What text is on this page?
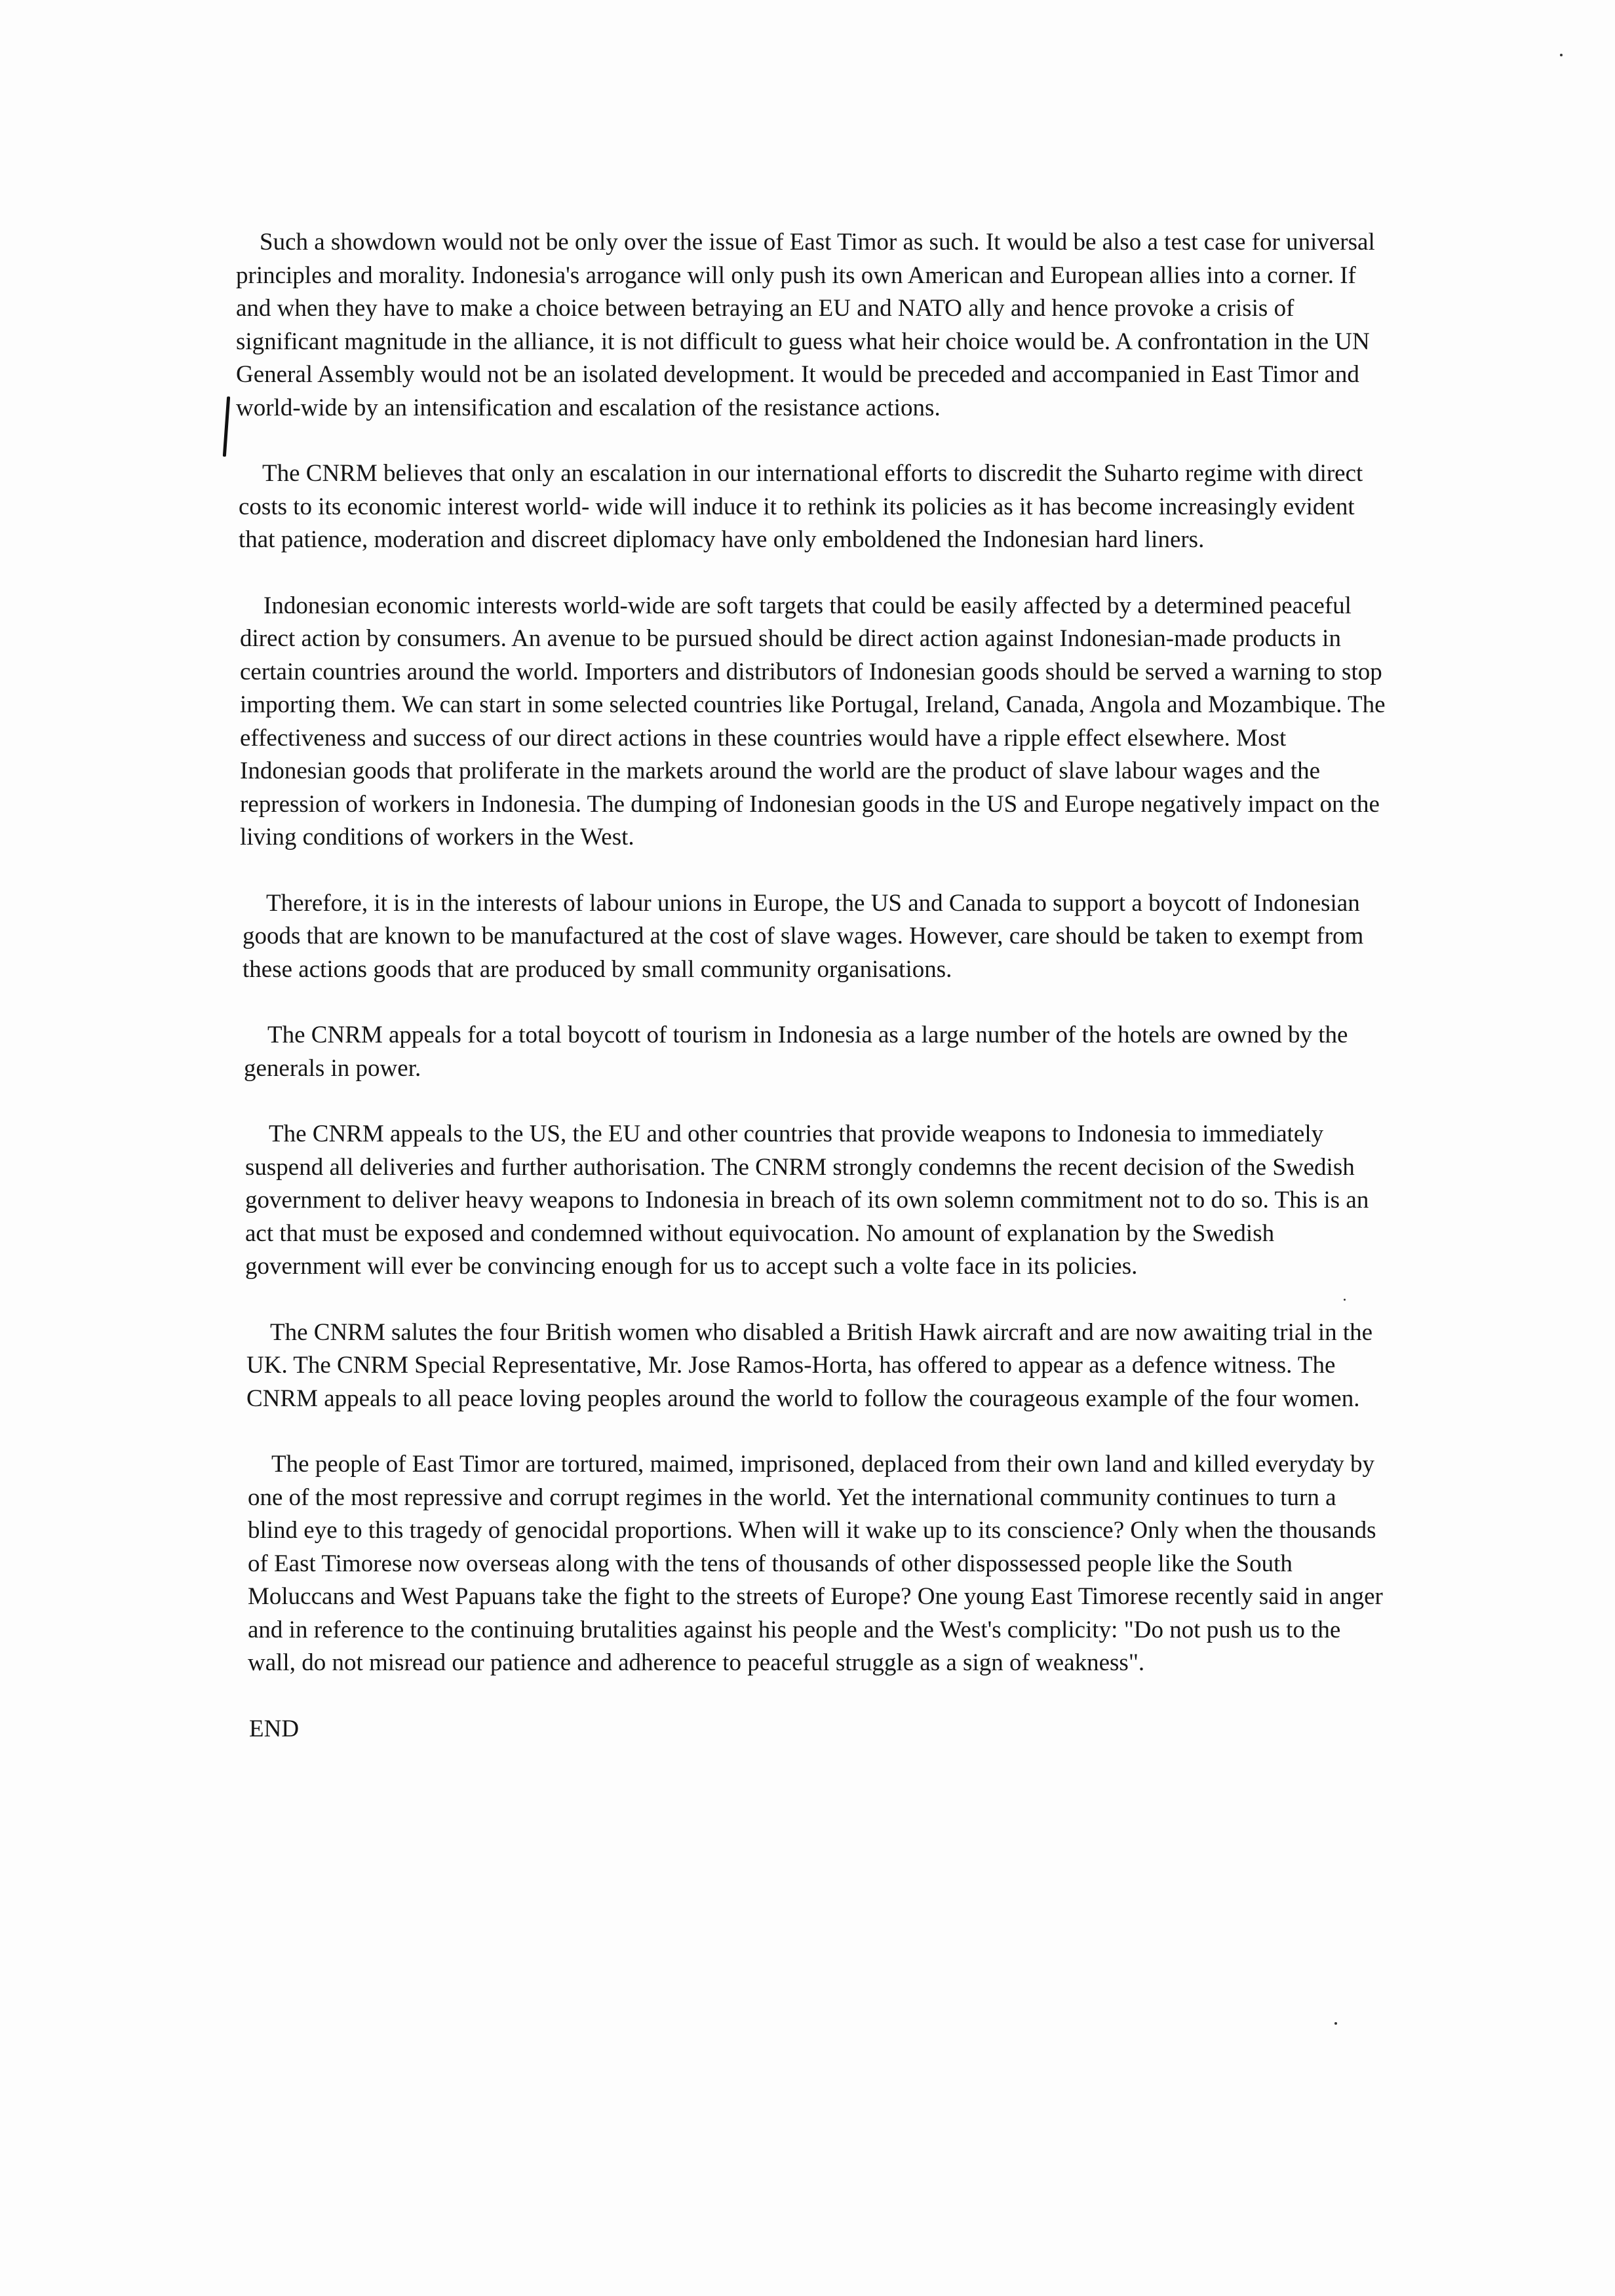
Such a showdown would not be only over the issue of East Timor as such. It would be also a test case for universal principles and morality. Indonesia's arrogance will only push its own American and European allies into a corner. If and when they have to make a choice between betraying an EU and NATO ally and hence provoke a crisis of significant magnitude in the alliance, it is not difficult to guess what heir choice would be. A confrontation in the UN General Assembly would not be an isolated development. It would be preceded and accompanied in East Timor and world-wide by an intensification and escalation of the resistance actions.

The CNRM believes that only an escalation in our international efforts to discredit the Suharto regime with direct costs to its economic interest world- wide will induce it to rethink its policies as it has become increasingly evident that patience, moderation and discreet diplomacy have only emboldened the Indonesian hard liners.

Indonesian economic interests world-wide are soft targets that could be easily affected by a determined peaceful direct action by consumers. An avenue to be pursued should be direct action against Indonesian-made products in certain countries around the world. Importers and distributors of Indonesian goods should be served a warning to stop importing them. We can start in some selected countries like Portugal, Ireland, Canada, Angola and Mozambique. The effectiveness and success of our direct actions in these countries would have a ripple effect elsewhere. Most Indonesian goods that proliferate in the markets around the world are the product of slave labour wages and the repression of workers in Indonesia. The dumping of Indonesian goods in the US and Europe negatively impact on the living conditions of workers in the West.

Therefore, it is in the interests of labour unions in Europe, the US and Canada to support a boycott of Indonesian goods that are known to be manufactured at the cost of slave wages. However, care should be taken to exempt from these actions goods that are produced by small community organisations.

The CNRM appeals for a total boycott of tourism in Indonesia as a large number of the hotels are owned by the generals in power.

The CNRM appeals to the US, the EU and other countries that provide weapons to Indonesia to immediately suspend all deliveries and further authorisation. The CNRM strongly condemns the recent decision of the Swedish government to deliver heavy weapons to Indonesia in breach of its own solemn commitment not to do so. This is an act that must be exposed and condemned without equivocation. No amount of explanation by the Swedish government will ever be convincing enough for us to accept such a volte face in its policies.

The CNRM salutes the four British women who disabled a British Hawk aircraft and are now awaiting trial in the UK. The CNRM Special Representative, Mr. Jose Ramos-Horta, has offered to appear as a defence witness. The CNRM appeals to all peace loving peoples around the world to follow the courageous example of the four women.

The people of East Timor are tortured, maimed, imprisoned, deplaced from their own land and killed everyday by one of the most repressive and corrupt regimes in the world. Yet the international community continues to turn a blind eye to this tragedy of genocidal proportions. When will it wake up to its conscience? Only when the thousands of East Timorese now overseas along with the tens of thousands of other dispossessed people like the South Moluccans and West Papuans take the fight to the streets of Europe? One young East Timorese recently said in anger and in reference to the continuing brutalities against his people and the West's complicity: "Do not push us to the wall, do not misread our patience and adherence to peaceful struggle as a sign of weakness".

END
